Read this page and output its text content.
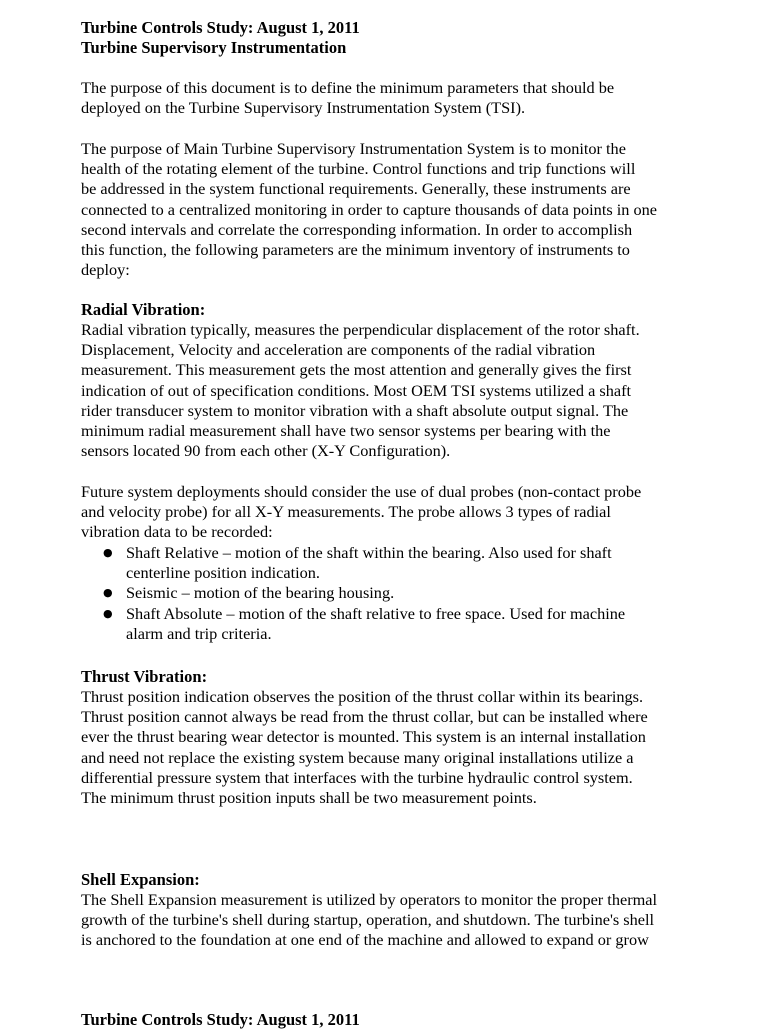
Turbine Controls Study: August 1, 2011
Turbine Supervisory Instrumentation

The purpose of this document is to define the minimum parameters that should be
deployed on the Turbine Supervisory Instrumentation System (TSI).

The purpose of Main Turbine Supervisory Instrumentation System is to monitor the
health of the rotating element of the turbine. Control functions and trip functions will
be addressed in the system functional requirements. Generally, these instruments are
connected to a centralized monitoring in order to capture thousands of data points in one
second intervals and correlate the corresponding information. In order to accomplish
this function, the following parameters are the minimum inventory of instruments to
deploy:

Radial Vibration:

Radial vibration typically, measures the perpendicular displacement of the rotor shaft.
Displacement, Velocity and acceleration are components of the radial vibration
measurement. This measurement gets the most attention and generally gives the first
indication of out of specification conditions. Most OEM TSI systems utilized a shaft
rider transducer system to monitor vibration with a shaft absolute output signal. The
minimum radial measurement shall have two sensor systems per bearing with the
sensors located 90 from each other (X-Y Configuration).

Future system deployments should consider the use of dual probes (non-contact probe
and velocity probe) for all X-Y measurements. The probe allows 3 types of radial
vibration data to be recorded:

● Shaft Relative – motion of the shaft within the bearing. Also used for shaft
centerline position indication.
● Seismic – motion of the bearing housing.
● Shaft Absolute – motion of the shaft relative to free space. Used for machine
alarm and trip criteria.
Thrust Vibration:

Thrust position indication observes the position of the thrust collar within its bearings.
Thrust position cannot always be read from the thrust collar, but can be installed where
ever the thrust bearing wear detector is mounted. This system is an internal installation
and need not replace the existing system because many original installations utilize a
differential pressure system that interfaces with the turbine hydraulic control system.
The minimum thrust position inputs shall be two measurement points.

Shell Expansion:

The Shell Expansion measurement is utilized by operators to monitor the proper thermal
growth of the turbine's shell during startup, operation, and shutdown. The turbine's shell
is anchored to the foundation at one end of the machine and allowed to expand or grow

Turbine Controls Study: August 1, 2011
